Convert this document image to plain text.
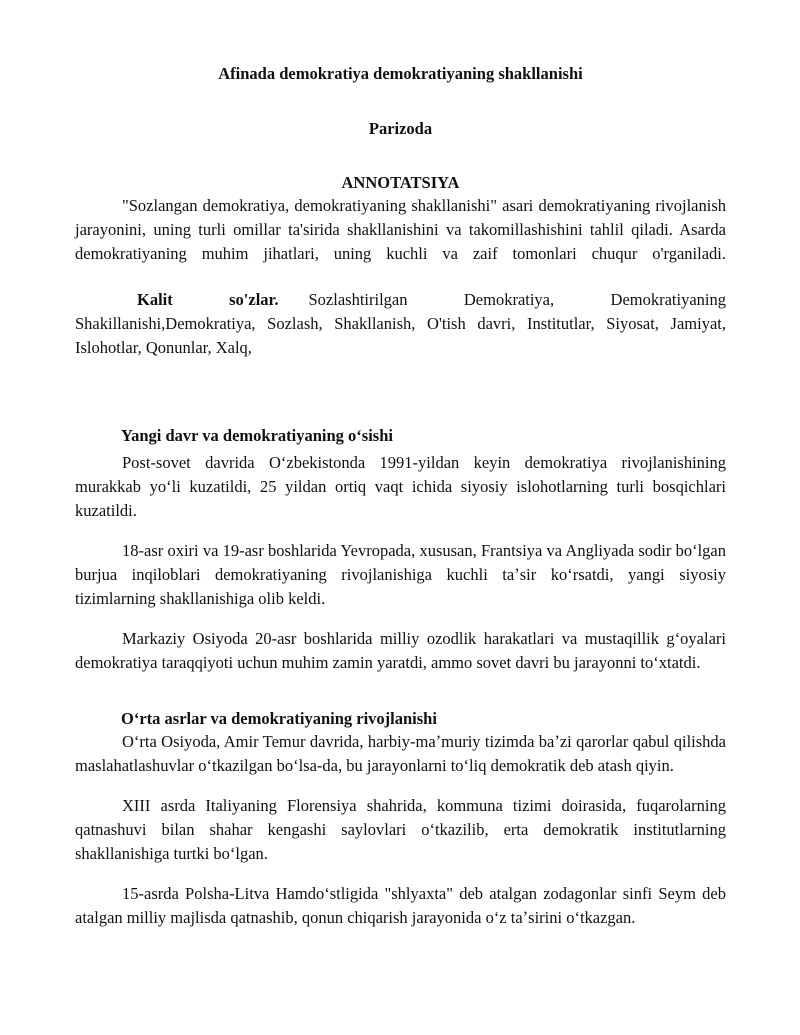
Afinada demokratiya demokratiyaning shakllanishi
Parizoda
ANNOTATSIYA

"Sozlangan demokratiya, demokratiyaning shakllanishi" asari demokratiyaning rivojlanish jarayonini, uning turli omillar ta'sirida shakllanishini va takomillashishini tahlil qiladi. Asarda demokratiyaning muhim jihatlari, uning kuchli va zaif tomonlari chuqur o'rganiladi.

Kalit so'zlar. Sozlashtirilgan Demokratiya, Demokratiyaning Shakillanishi,Demokratiya, Sozlash, Shakllanish, O'tish davri, Institutlar, Siyosat, Jamiyat, Islohotlar, Qonunlar, Xalq,

Yangi davr va demokratiyaning oʻsishi

Post-sovet davrida Oʻzbekistonda 1991-yildan keyin demokratiya rivojlanishining murakkab yoʻli kuzatildi, 25 yildan ortiq vaqt ichida siyosiy islohotlarning turli bosqichlari kuzatildi.

18-asr oxiri va 19-asr boshlarida Yevropada, xususan, Frantsiya va Angliyada sodir boʻlgan burjua inqiloblari demokratiyaning rivojlanishiga kuchli taʼsir koʻrsatdi, yangi siyosiy tizimlarning shakllanishiga olib keldi.

Markaziy Osiyoda 20-asr boshlarida milliy ozodlik harakatlari va mustaqillik gʻoyalari demokratiya taraqqiyoti uchun muhim zamin yaratdi, ammo sovet davri bu jarayonni toʻxtatdi.

Oʻrta asrlar va demokratiyaning rivojlanishi

Oʻrta Osiyoda, Amir Temur davrida, harbiy-maʼmuriy tizimda baʼzi qarorlar qabul qilishda maslahatlashuvlar oʻtkazilgan boʻlsa-da, bu jarayonlarni toʻliq demokratik deb atash qiyin.

XIII asrda Italiyaning Florensiya shahrida, kommuna tizimi doirasida, fuqarolarning qatnashuvi bilan shahar kengashi saylovlari oʻtkazilib, erta demokratik institutlarning shakllanishiga turtki boʻlgan.

15-asrda Polsha-Litva Hamdoʻstligida "shlyaxta" deb atalgan zodagonlar sinfi Seym deb atalgan milliy majlisda qatnashib, qonun chiqarish jarayonida oʻz taʼsirini oʻtkazgan.
